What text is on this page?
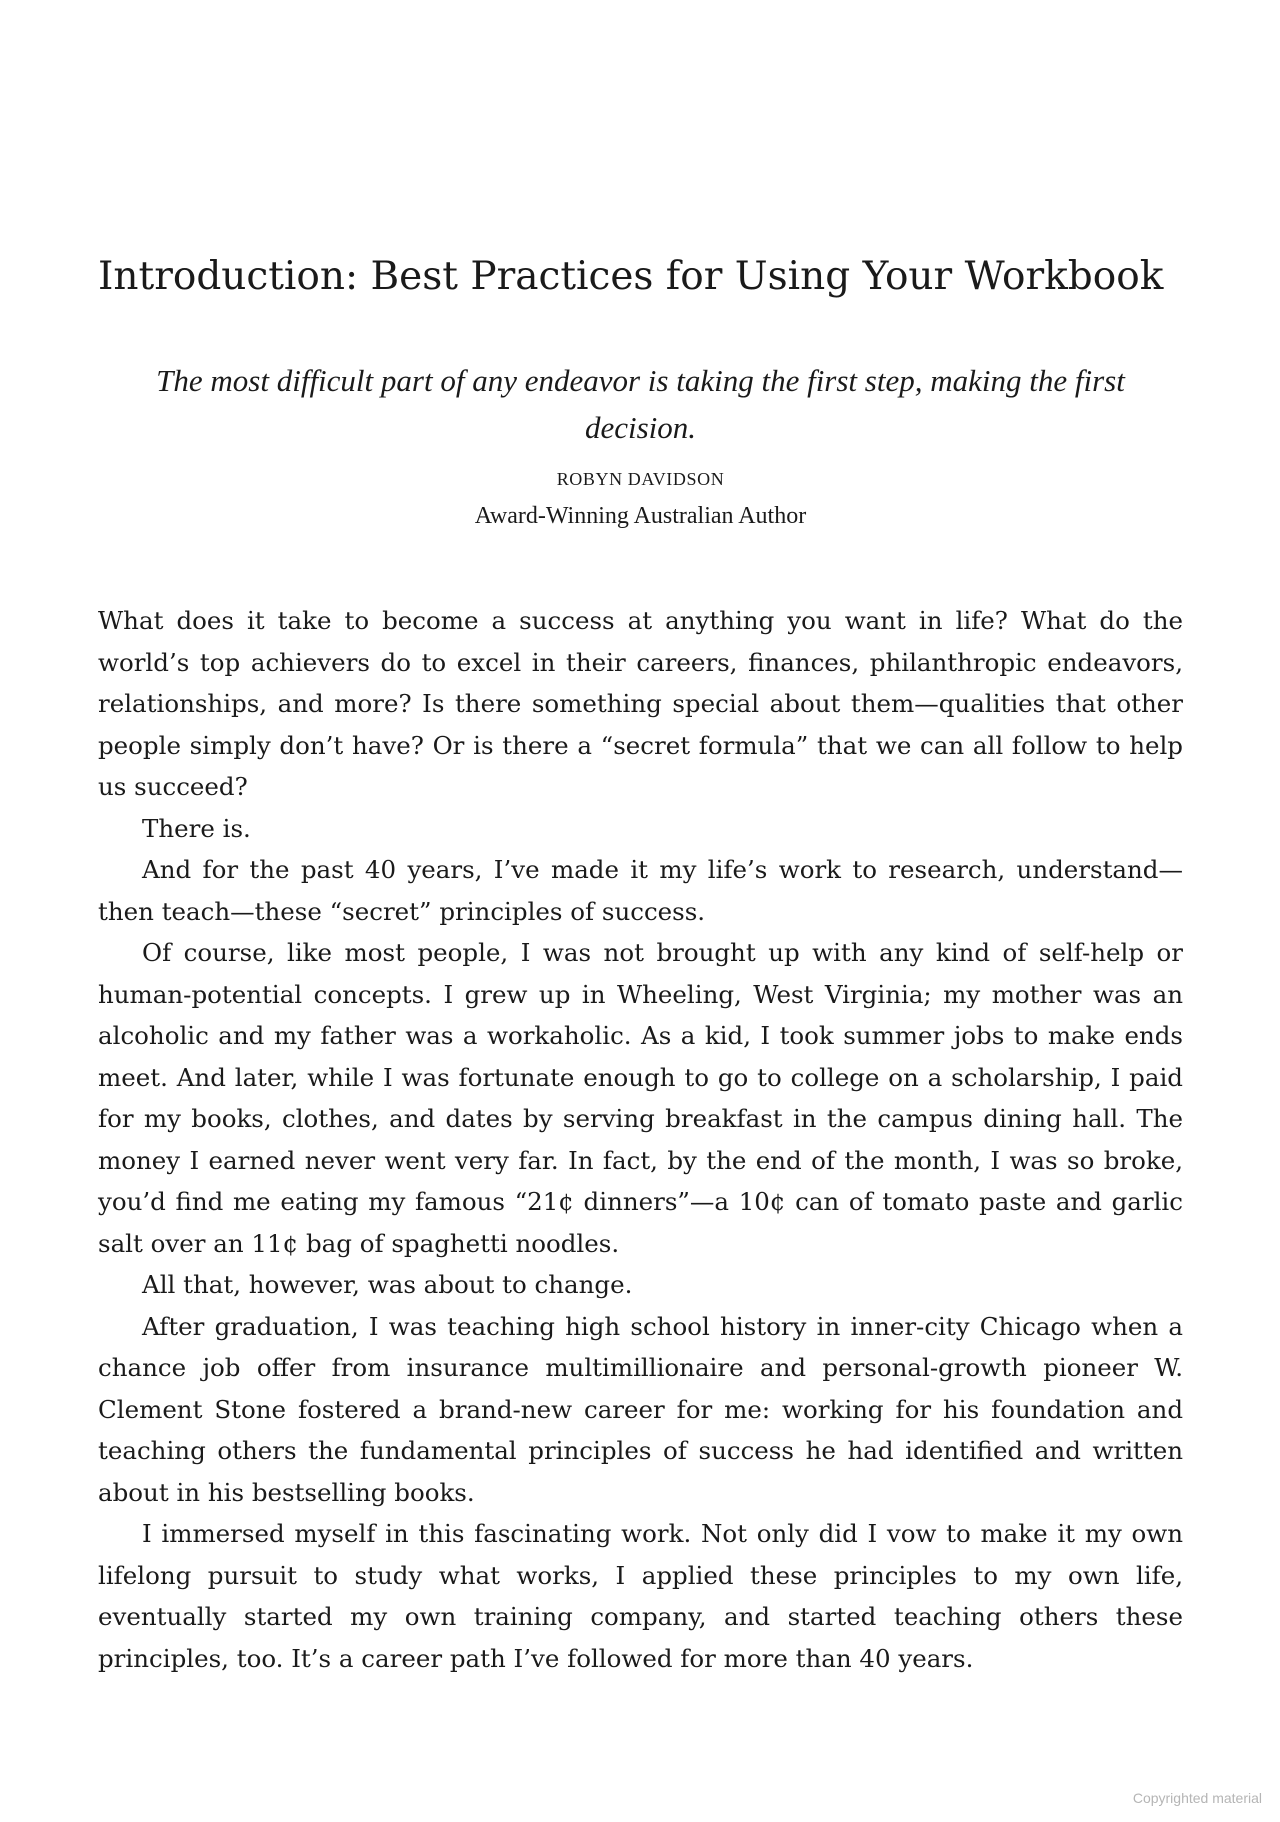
Introduction: Best Practices for Using Your Workbook
The most difficult part of any endeavor is taking the first step, making the first decision.
ROBYN DAVIDSON
Award-Winning Australian Author

What does it take to become a success at anything you want in life? What do the world’s top achievers do to excel in their careers, finances, philanthropic endeavors, relationships, and more? Is there something special about them—qualities that other people simply don’t have? Or is there a “secret formula” that we can all follow to help us succeed?

There is.

And for the past 40 years, I’ve made it my life’s work to research, understand—then teach—these “secret” principles of success.

Of course, like most people, I was not brought up with any kind of self-help or human-potential concepts. I grew up in Wheeling, West Virginia; my mother was an alcoholic and my father was a workaholic. As a kid, I took summer jobs to make ends meet. And later, while I was fortunate enough to go to college on a scholarship, I paid for my books, clothes, and dates by serving breakfast in the campus dining hall. The money I earned never went very far. In fact, by the end of the month, I was so broke, you’d find me eating my famous “21¢ dinners”—a 10¢ can of tomato paste and garlic salt over an 11¢ bag of spaghetti noodles.

All that, however, was about to change.

After graduation, I was teaching high school history in inner-city Chicago when a chance job offer from insurance multimillionaire and personal-growth pioneer W. Clement Stone fostered a brand-new career for me: working for his foundation and teaching others the fundamental principles of success he had identified and written about in his bestselling books.

I immersed myself in this fascinating work. Not only did I vow to make it my own lifelong pursuit to study what works, I applied these principles to my own life, eventually started my own training company, and started teaching others these principles, too. It’s a career path I’ve followed for more than 40 years.

Copyrighted material
